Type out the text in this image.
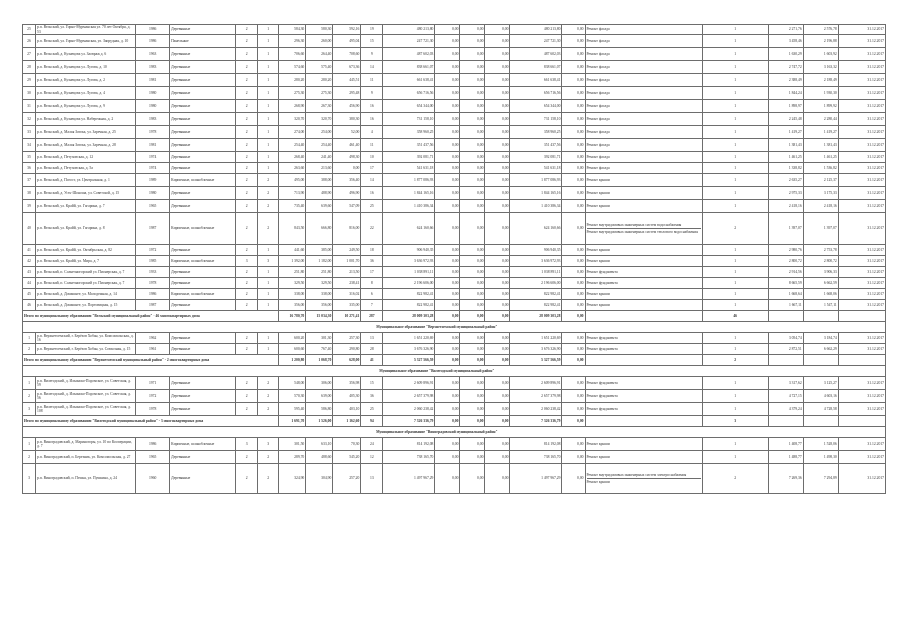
25	р.п. Вельский, ул. Горно-Мурманская ул. 70 лет Октября, д. 53	1986	Деревянные	2	1	584,30	580,30	592,16	19	480 213,80	0,00	0,00	0,00	480 213,80	0,00	Ремонт фасада	1	2 271,76	2 576,78	31.12.2017
26	р.п. Вельский, ул. Горно-Мурманская, ул. Запрудная, д. 10	1986	Панельные	2	1	296,30	260,00	495,04	15	247 721,30	0,00	0,00	0,00	247 721,30	0,00	Ремонт фасада	1	3 458,46	2 196,88	31.12.2017
27	р.п. Вельский, д. Кузнецова ул. Заовраж д. 6	1963	Деревянные	2	1	706,60	264,40	708,60	9	487 602,03	0,00	0,00	0,00	487 602,03	0,00	Ремонт фасада	1	1 630,29	1 603,92	31.12.2017
28	р.п. Вельский, д. Кузнецова ул. Лугова, д. 10	1983	Деревянные	2	1	574,60	575,40	673,36	14	838 661,07	0,00	0,00	0,00	838 661,07	0,00	Ремонт фасада	1	2 747,72	3 163,32	31.12.2017
29	р.п. Вельский, д. Кузнецова ул. Лугова, д. 2	1981	Деревянные	2	1	280,20	280,20	445,51	11	661 638,41	0,00	0,00	0,00	661 638,41	0,00	Ремонт фасада	1	2 388,49	2 188,49	31.12.2017
30	р.п. Вельский, д. Кузнецова ул. Лугова, д. 4	1980	Деревянные	2	1	275,30	275,30	295,48	9	656 716,56	0,00	0,00	0,00	656 716,56	0,00	Ремонт фасада	1	1 844,24	1 930,30	31.12.2017
31	р.п. Вельский, д. Кузнецова ул. Лугова, д. 9	1980	Деревянные	2	1	268,90	267,30	456,90	16	654 344,00	0,00	0,00	0,00	654 344,00	0,00	Ремонт фасада	1	1 898,97	1 899,92	31.12.2017
32	р.п. Вельский, д. Кузнецова ул. Набережная, д. 2	1983	Деревянные	2	1	320,70	320,70	380,30	16	731 158,10	0,00	0,00	0,00	731 158,10	0,00	Ремонт фасада	1	2 245,48	2 280,44	31.12.2017
33	р.п. Вельский, д. Малая Затока, ул. Заречная, д. 25	1978	Деревянные	2	1	274,00	254,00	52,00	4	358 960,25	0,00	0,00	0,00	358 960,25	0,00	Ремонт фасада	1	1 419,27	1 419,27	31.12.2017
34	р.п. Вельский, д. Малая Затока, ул. Заречная, д. 28	1981	Деревянные	2	1	254,40	254,40	461,40	11	351 437,56	0,00	0,00	0,00	351 437,56	0,00	Ремонт фасада	1	1 381,43	1 381,43	31.12.2017
35	р.п. Вельский, д. Петуховская, д. 12	1974	Деревянные	2	1	268,40	241,40	498,30	10	392 081,71	0,00	0,00	0,00	392 081,71	0,00	Ремонт фасада	1	1 461,25	1 461,25	31.12.2017
36	р.п. Вельский, д. Петуховская, д. 5а	1974	Деревянные	2	1	263,60	213,60	0,00	17	541 631,18	0,00	0,00	0,00	541 631,18	0,00	Ремонт фасада	1	1 338,82	1 536,82	31.12.2017
37	р.п. Вельский, д. Погост, ул. Центральная, д. 1	1989	Кирпичные, шлакоблочные	2	2	495,00	388,00	356,40	14	1 877 086,93	0,00	0,00	0,00	1 877 086,93	0,00	Ремонт крыши	1	2 635,27	2 125,37	31.12.2017
38	р.п. Вельский, д. Усть-Шоноша, ул. Советской, д. 15	1980	Деревянные	2	2	713,90	488,90	496,90	16	1 844 165,16	0,00	0,00	0,00	1 844 165,16	0,00	Ремонт крыши	1	2 975,33	3 175,33	31.12.2017
39	р.п. Вельский, ул. Крайй, ул. Гагарина, д. 7	1965	Деревянные	2	2	735,40	639,60	547,09	25	1 410 386,34	0,00	0,00	0,00	1 410 386,34	0,00	Ремонт крыши	1	2 418,16	2 418,16	31.12.2017
40	р.п. Вельский, ул. Крайй, ул. Гагарина, д. 8	1987	Кирпичные, шлакоблочные	2	2	843,50	666,80	816,00	22	624 160,66	0,00	0,00	0,00	624 160,66	0,00	Ремонт внутридомовых инженерных систем водоснабжения
Ремонт внутридомовых инженерных систем теплового водоснабжения	2	1 397,07	1 397,07	31.12.2017
41	р.п. Вельский, ул. Крайй, ул. Октябрьская, д. 82	1972	Деревянные	2	1	441,60	385,00	249,50	18	906 940,35	0,00	0,00	0,00	906 940,35	0,00	Ремонт крыши	1	2 980,76	2 753,78	31.12.2017
42	р.п. Вельский, ул. Крайй, ул. Мира, д. 7	1985	Кирпичные, шлакоблочные	3	3	1 392,00	1 182,00	1 001,70	36	3 636 972,93	0,00	0,00	0,00	3 636 972,93	0,00	Ремонт крыши	1	2 800,72	2 800,72	31.12.2017
43	р.п. Вельский, п. Солнечногорский ул. Пионерская, д. 7	1933	Деревянные	2	1	251,80	251,80	213,50	17	1 038 891,11	0,00	0,00	0,00	1 038 891,11	0,00	Ремонт фундамента	1	2 914,56	3 906,33	31.12.2017
44	р.п. Вельский, п. Солнечногорский ул. Пионерская, д. 7	1978	Деревянные	2	1	329,50	329,50	238,41	8	2 196 606,00	0,00	0,00	0,00	2 196 606,00	0,00	Ремонт фундамента	1	8 665,59	6 662,59	31.12.2017
45	р.п. Вельский, д. Домашнее, ул. Молодежная, д. 14	1986	Кирпичные, шлакоблочные	2	1	338,00	338,00	316,02	6	822 982,41	0,00	0,00	0,00	822 982,41	0,00	Ремонт крыши	1	1 668,64	1 668,06	31.12.2017
46	р.п. Вельский, д. Домашнее, ул. Портовицкая, д. 15	1987	Деревянные	2	1	356,00	356,00	335,00	7	822 982,41	0,00	0,00	0,00	822 982,41	0,00	Ремонт крыши	1	1 667,11	1 547,11	31.12.2017
Итого по муниципальному образованию "Вельский муниципальный район" - 46 многоквартирных дома						16 780,70	15 034,30	10 271,41	287	28 009 303,28	0,00	0,00	0,00	28 009 303,28	0,00		46			
	Муниципальное образование "Верхнетоемский муниципальный район"																			
1	р.п. Верхнетоемский, г. Берёзов Хобан, ул. Комсомольская, д. 16	1962	Деревянные	2	1	600,20	301,30	257,30	13	1 651 220,69	0,00	0,00	0,00	1 651 220,69	0,00	Ремонт фундамента	1	3 054,74	3 184,74	31.12.2017
2	р.п. Верхнетоемский, г. Берёзов Хобан, ул. Совхозная, д. 15	1961	Деревянные	2	1	600,60	767,40	290,80	28	3 676 326,90	0,00	0,00	0,00	3 676 326,90	0,00	Ремонт фундамента	1	2 872,51	6 662,29	31.12.2017
Итого по муниципальному образованию "Верхнетоемский муниципальный район" - 2 многоквартирных дома						1 200,80	1 068,70	628,00	41	5 327 566,59	0,00	0,00	0,00	5 327 566,59	0,00		2			
	Муниципальное образование "Вилегодский муниципальный район"																			
1	р.п. Вилегодский, д. Ильинско-Подомское, ул. Советская, д. 59	1971	Деревянные	2	2	548,00	306,00	356,98	15	2 609 896,91	0,00	0,00	0,00	2 609 896,91	0,00	Ремонт фундамента	1	3 317,62	3 125,27	31.12.2017
2	р.п. Вилегодский, д. Ильинско-Подомское, ул. Советская, д. 56	1972	Деревянные	2	2	570,30	639,00	405,30	36	2 657 379,98	0,00	0,00	0,00	2 657 379,98	0,00	Ремонт фундамента	1	4 727,15	4 603,16	31.12.2017
3	р.п. Вилегодский, д. Ильинско-Подомское, ул. Советская, д. 108	1978	Деревянные	2	2	595,40	586,80	403,10	25	2 060 238,42	0,00	0,00	0,00	2 060 238,42	0,00	Ремонт фундамента	1	4 379,24	4 728,58	31.12.2017
Итого по муниципальному образованию "Вилегодский муниципальный район" - 3 многоквартирных дома						1 691,70	1 526,00	1 162,60	94	7 326 336,79	0,00	0,00	0,00	7 326 336,79	0,00		3			
	Муниципальное образование "Виноградовский муниципальный район"																			
1	р.п. Виноградовский, д. Мариногоры, ул. 10 по Кооперации, д. 7	1986	Кирпичные, шлакоблочные	3	3	301,50	633,10	70,30	24	814 192,08	0,00	0,00	0,00	814 192,08	0,00	Ремонт крыши	1	1 408,77	1 528,06	31.12.2017
2	р.п. Виноградовский, п. Березник, ул. Комсомольская, д. 27	1965	Деревянные	2	2	289,70	488,60	545,20	12	738 165,70	0,00	0,00	0,00	738 165,70	0,00	Ремонт крыши	1	1 488,77	1 498,30	31.12.2017
3	р.п. Виноградовский, п. Пешья, ул. Пушкина, д. 24	1960	Деревянные	2	2	324,90	304,90	257,20	13	1 497 967,29	0,00	0,00	0,00	1 497 967,29	0,00	Ремонт внутридомовых инженерных систем электроснабжения
Ремонт крыши	2	7 269,36	7 294,89	31.12.2017
